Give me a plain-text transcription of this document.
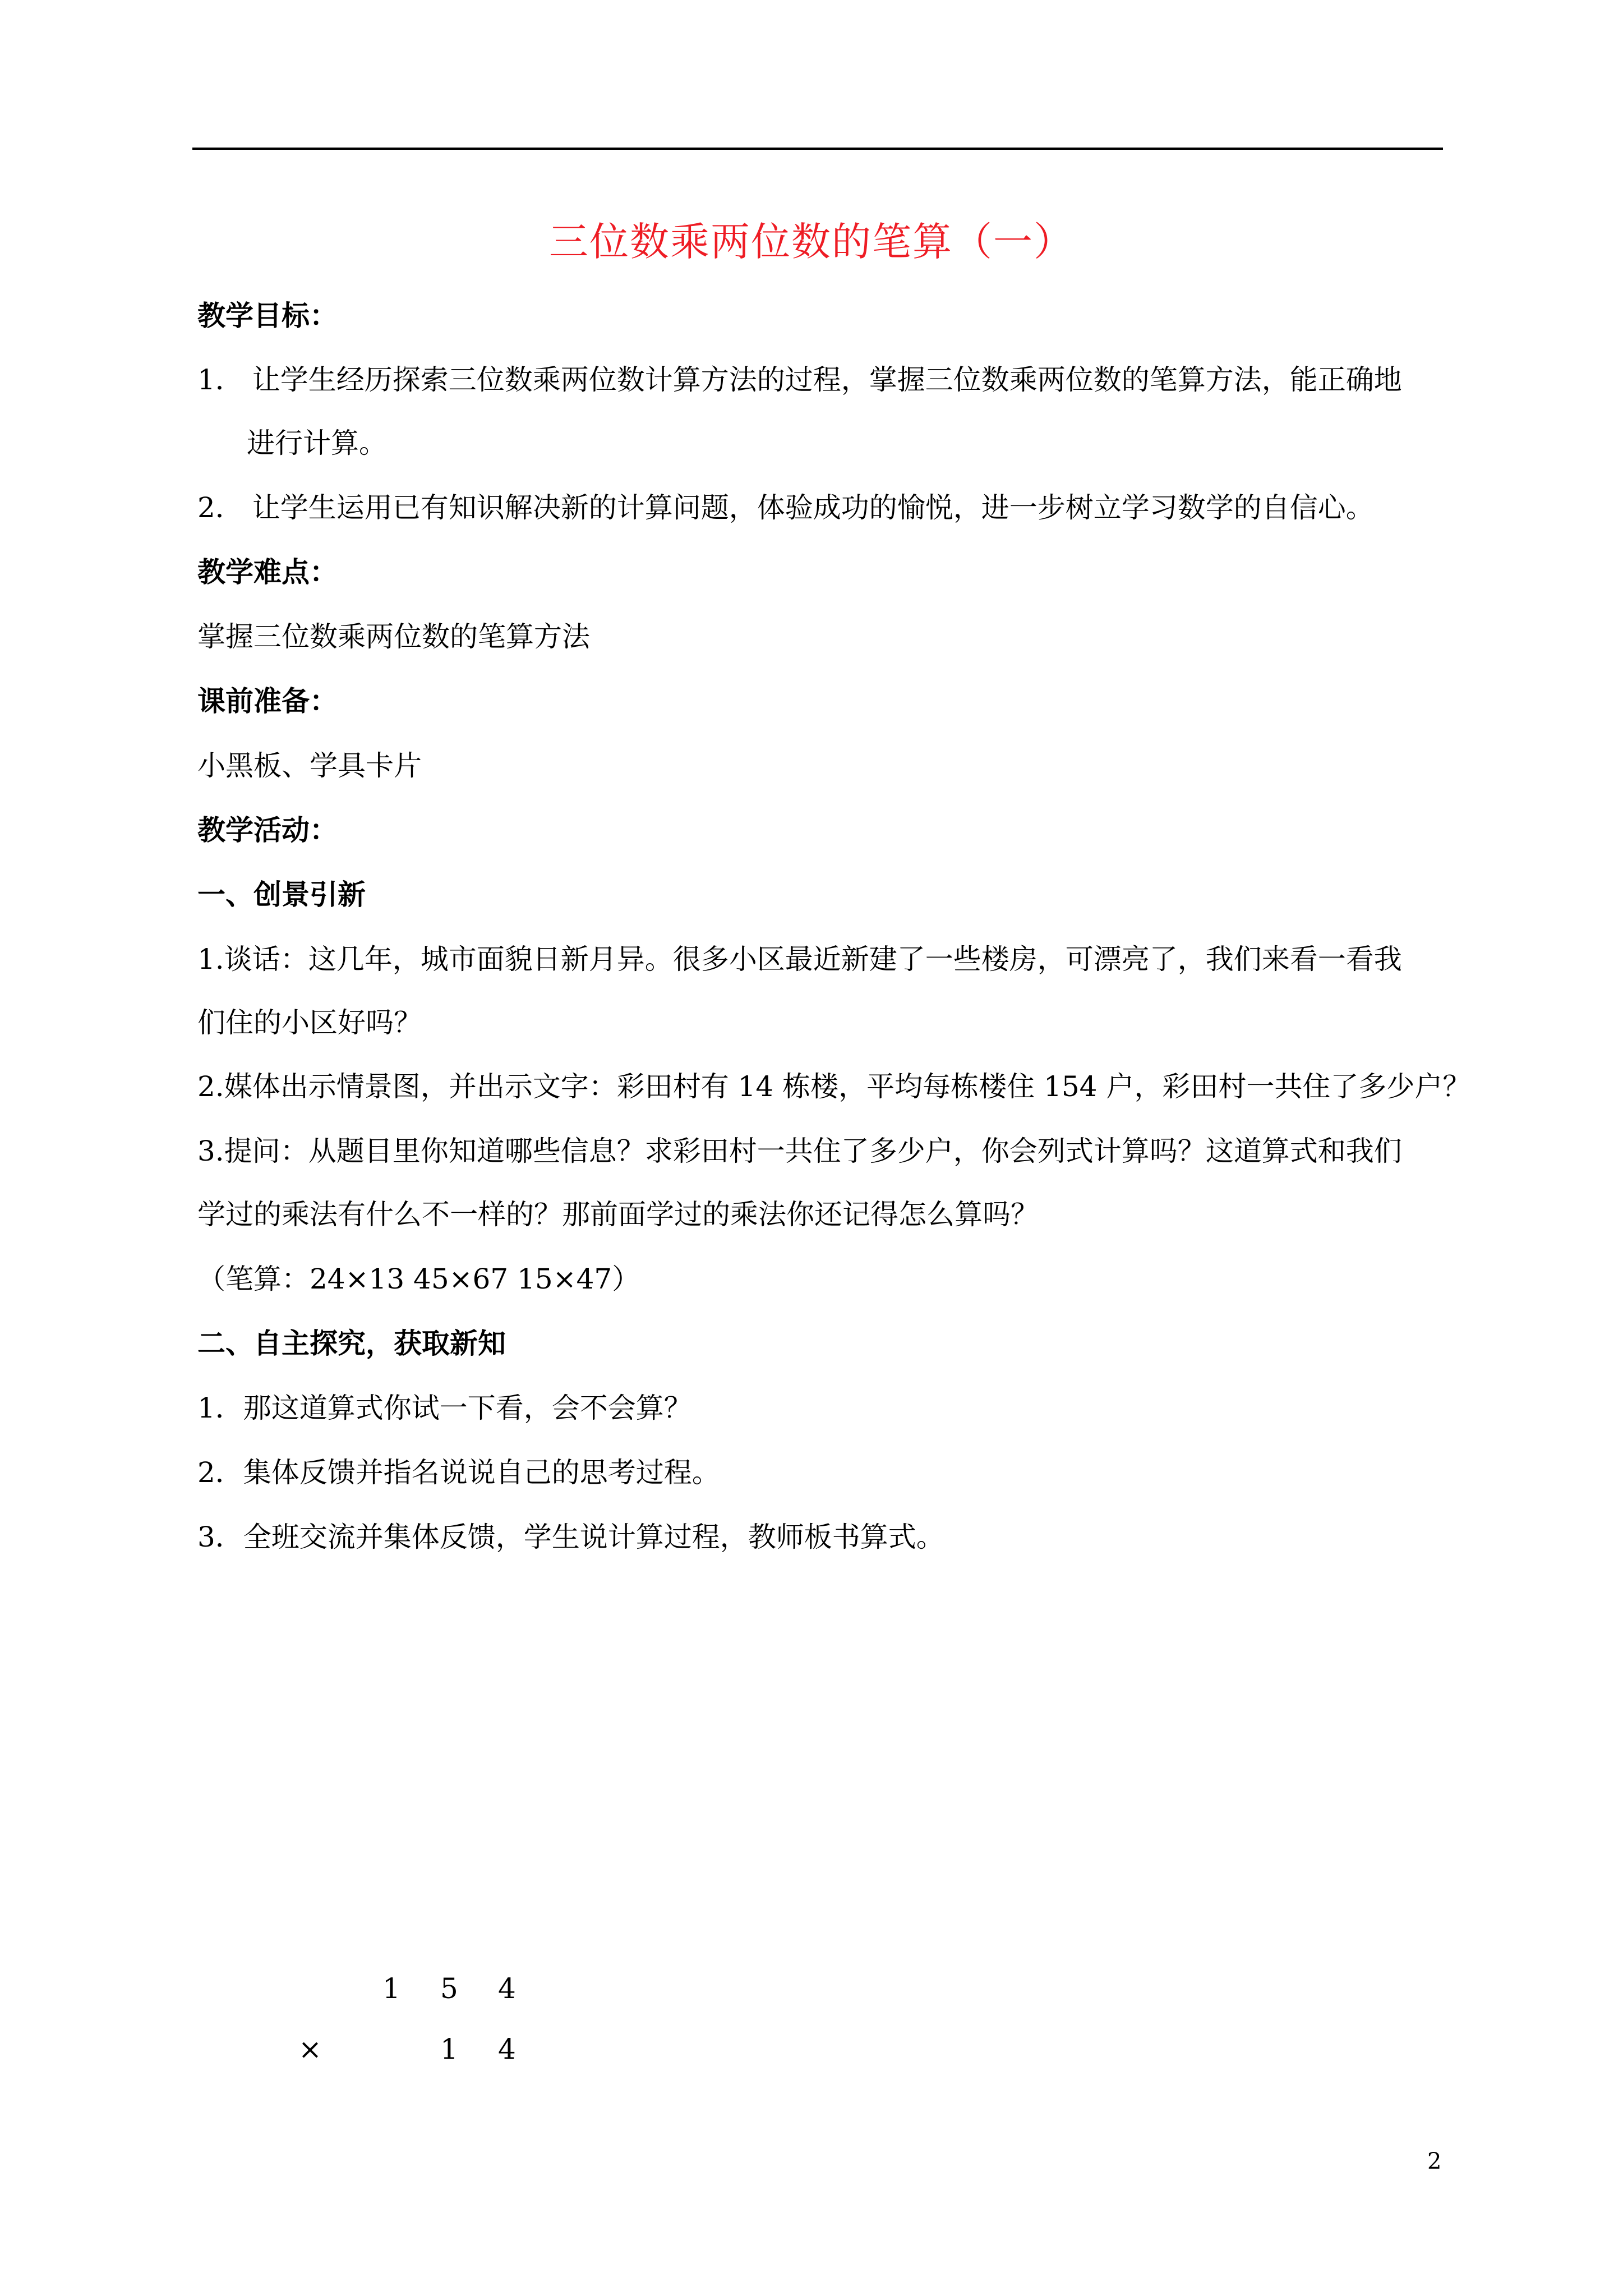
三位数乘两位数的笔算（一）
教学目标：
1． 让学生经历探索三位数乘两位数计算方法的过程，掌握三位数乘两位数的笔算方法，能正确地
进行计算。
2． 让学生运用已有知识解决新的计算问题，体验成功的愉悦，进一步树立学习数学的自信心。
教学难点：
掌握三位数乘两位数的笔算方法
课前准备：
小黑板、学具卡片
教学活动：
一、创景引新
1.谈话：这几年，城市面貌日新月异。很多小区最近新建了一些楼房，可漂亮了，我们来看一看我
们住的小区好吗？
2.媒体出示情景图，并出示文字：彩田村有 14 栋楼，平均每栋楼住 154 户，彩田村一共住了多少户？
3.提问：从题目里你知道哪些信息？求彩田村一共住了多少户，你会列式计算吗？这道算式和我们
学过的乘法有什么不一样的？那前面学过的乘法你还记得怎么算吗？
（笔算：24×13 45×67 15×47）
二、自主探究，获取新知
1．那这道算式你试一下看，会不会算？
2．集体反馈并指名说说自己的思考过程。
3．全班交流并集体反馈，学生说计算过程，教师板书算式。
1 5 4
×	1 4
2
